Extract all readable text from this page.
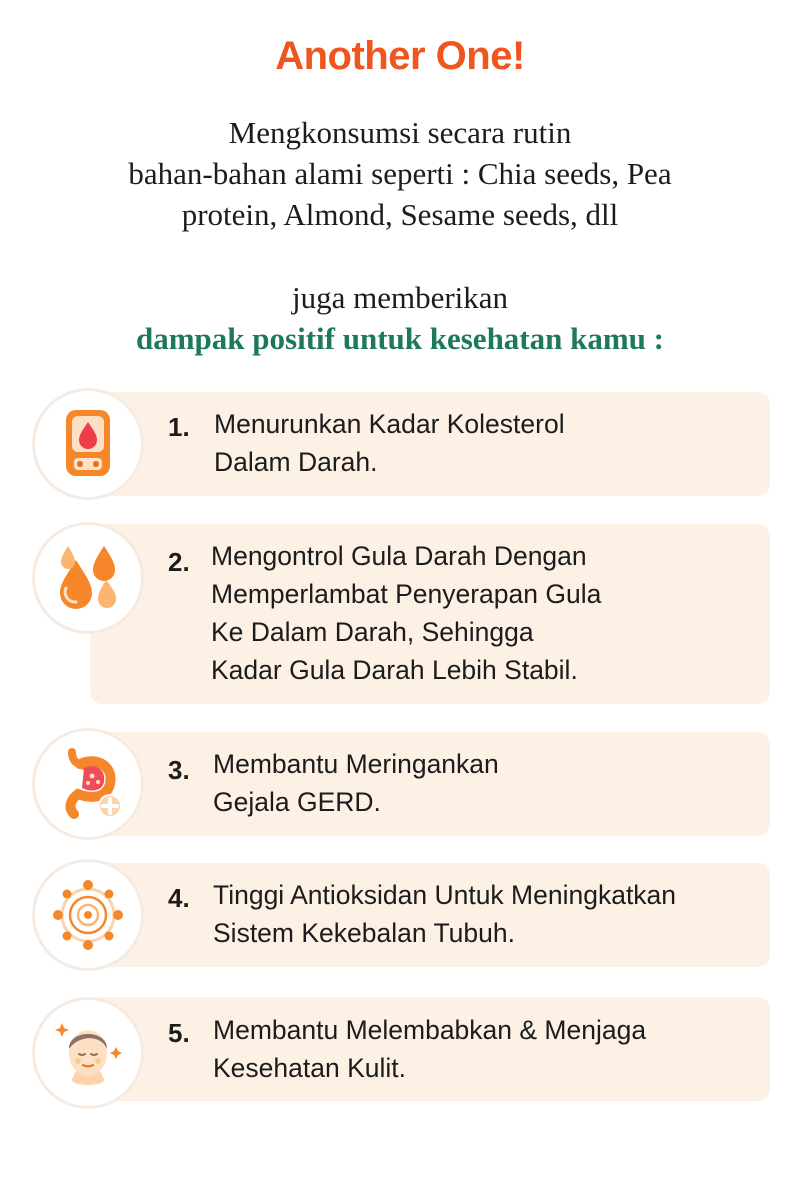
Another One!

Mengkonsumsi secara rutin

bahan-bahan alami seperti : Chia seeds, Pea

protein, Almond, Sesame seeds, dll

juga memberikan

dampak positif untuk kesehatan kamu :

1. Menurunkan Kadar Kolesterol
Dalam Darah.
2. Mengontrol Gula Darah Dengan
Memperlambat Penyerapan Gula
Ke Dalam Darah, Sehingga
Kadar Gula Darah Lebih Stabil.
3. Membantu Meringankan
Gejala GERD.
4. Tinggi Antioksidan Untuk Meningkatkan
Sistem Kekebalan Tubuh.
5. Membantu Melembabkan & Menjaga
Kesehatan Kulit.
